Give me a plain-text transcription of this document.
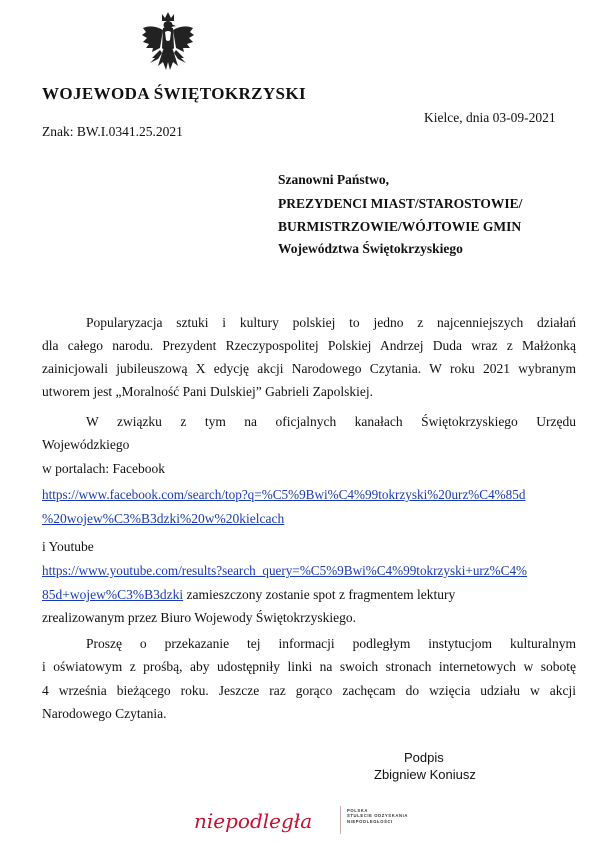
WOJEWODA ŚWIĘTOKRZYSKI
Kielce, dnia 03-09-2021
Znak: BW.I.0341.25.2021
Szanowni Państwo,
PREZYDENCI MIAST/STAROSTOWIE/
BURMISTRZOWIE/WÓJTOWIE GMIN
Województwa Świętokrzyskiego
Popularyzacja sztuki i kultury polskiej to jedno z najcenniejszych działań
dla całego narodu. Prezydent Rzeczypospolitej Polskiej Andrzej Duda wraz z Małżonką
zainicjowali jubileuszową X edycję akcji Narodowego Czytania. W roku 2021 wybranym
utworem jest „Moralność Pani Dulskiej” Gabrieli Zapolskiej.
W związku z tym na oficjalnych kanałach Świętokrzyskiego Urzędu
Wojewódzkiego
w portalach: Facebook
https://www.facebook.com/search/top?q=%C5%9Bwi%C4%99tokrzyski%20urz%C4%85d
%20wojew%C3%B3dzki%20w%20kielcach
i Youtube
https://www.youtube.com/results?search_query=%C5%9Bwi%C4%99tokrzyski+urz%C4%
85d+wojew%C3%B3dzki zamieszczony zostanie spot z fragmentem lektury
zrealizowanym przez Biuro Wojewody Świętokrzyskiego.
Proszę o przekazanie tej informacji podległym instytucjom kulturalnym
i oświatowym z prośbą, aby udostępniły linki na swoich stronach internetowych w sobotę
4 września bieżącego roku. Jeszcze raz gorąco zachęcam do wzięcia udziału w akcji
Narodowego Czytania.
Podpis
Zbigniew Koniusz
niepodległa	POLSKA
STULECIE ODZYSKANIA
NIEPODLEGŁOŚCI
